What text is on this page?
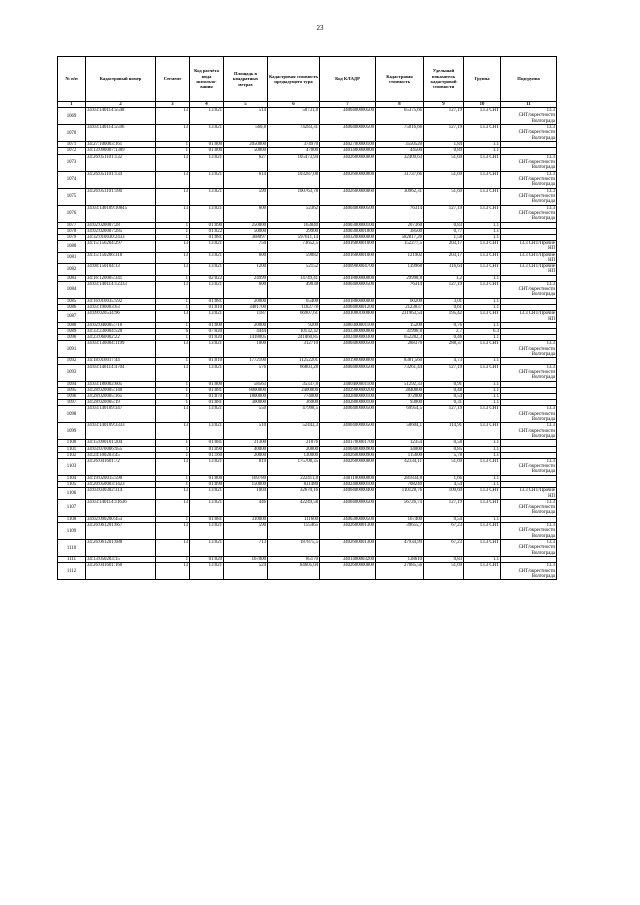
23
№ п/п	Кадастровый номер	Сегмент	Код расчёта вида использо-вания	Площадь в квадратных метрах	Кадастровая стоимость предыдущего тура	Код КЛАДР	Кадастровая стоимость	Удельный показатель кадастровой стоимости	Группа	Подгруппа
1	2	3	4	5	6	7	8	9	10	11
1069	34:03:140114:5548	13	13:021	514	50731,8	3400400000500	65375,66	127,19	13.3 СНТ	13.3
СНТ/окрестности
Волгограда

1070	34:03:140114:5596	13	13:021	560,8	74283,31	3400400000500	75016,66	127,19	13.3 СНТ	13.3
СНТ/окрестности
Волгограда

1071	34:27:100003:161	1	01:000	2050000	374970	3402700000100	3550520	1,84	1.1	
1072	34:13:090007:1389	1	01:000	50000	47000	3401400000000	44500	0,89	1.1	
1073	34:26:051101:132	13	13:021	627	105473,94	3402600000800	32409,63	51,69	13.3 СНТ	13.3
СНТ/окрестности
Волгограда

1074	34:26:051101:134	13	13:021	614	103287,08	3402600000800	31737,66	51,69	13.3 СНТ	13.3
СНТ/окрестности
Волгограда

1075	34:26:051101:180	13	13:021	599	100763,78	3402600000800	30962,31	51,69	13.3 СНТ	13.3
СНТ/окрестности
Волгограда

1076	34:03:140109:10845	13	13:021	600	52362	3400400000500	76314	127,19	13.3 СНТ	13.3
СНТ/окрестности
Волгограда

1077	34:02:020007:28	1	01:090	250000	163840	3400300000100	207360	0,83	1.1	
1078	34:02:020007:285	1	01:022	50000	29900	3400300001800	38500	0,77	1.1	
1079	34:32:010030:2433	1	01:081	368097	597611,14	3403200000000	582817,26	1,58	1.1	
1080	34:15:150204:297	13	13:021	750	73652,5	3401600001000	152277,5	203,17	13.3 СНТ	13.3 СНТ/Прочие
НП

1081	34:15:150206:318	13	13:021	600	59082	3401600001000	121902	203,17	13.3 СНТ	13.3 СНТ/Прочие
НП

1082	34:08:150104:13	13	13:021	1200	52152	3400900004700	139968	116,64	13.3 СНТ	13.3 СНТ/Прочие
НП

1083	34:16:120005:341	1	02:022	24999	14749,41	3401800000000	29998,8	1,2	1.1	
1084	34:03:140114:12333	13	13:021	600	49038	3400400000500	76314	127,19	13.3 СНТ	13.3
СНТ/окрестности
Волгограда

1085	34:16:010035:592	1	01:081	20000	65400	3401800000000	60200	3,01	1.1	
1086	34:03:190003:63	1	01:010	3481700	1183778	3400400001200	2123837	0,61	1.1	
1087	34:09:020534:96	13	13:021	1187	66907,61	3401000100000	231963,54	195,42	13.3 СНТ	13.3 СНТ/Прочие
НП

1088	34:02:040005:718	1	01:000	20000	9200	3400300001100	15200	0,76	1.1	
1089	34:33:230004:520	6	07:020	4444	10132,32	3403300000000	31998,8	2,7	6.3	
1090	34:23:060002:22	1	01:020	1418005	241060,85	3402400000300	652282,3	0,46	1.1	
1091	34:03:130004:1199	13	13:021	1000	312710	3400400000500	288370	288,37	13.3 СНТ	13.3
СНТ/окрестности
Волгограда

1092	34:18:010017:44	1	01:010	1772100	11252201	3401900000000	8381,560	4,73	1.1	
1093	34:03:140114:4704	13	13:021	576	66803,28	3400400000500	73261,44	127,19	13.3 СНТ	13.3
СНТ/окрестности
Волгограда

1094	34:03:180002:605	1	01:000	58563	35337,8	3400400001100	51292,33	0,91	1.1	
1095	34:28:020005:140	1	01:081	8000000	2400000	3402900000200	3840000	0,48	1.1	
1096	34:28:020005:165	1	01:070	1800000	774000	3402800000100	972000	0,54	1.1	
1097	34:28:020005:19	1	01:081	300000	36900	3402800000100	93000	0,31	1.1	
1098	34:03:140109:347	13	13:021	550	47998,5	3400400000500	69954,5	127,19	13.3 СНТ	13.3
СНТ/окрестности
Волгограда

1099	34:03:140109:3333	13	13:021	510	52443,3	3400400000500	58604,1	114,91	13.3 СНТ	13.3
СНТ/окрестности
Волгограда

1100	34:15:090101:204	1	01:081	21300	21076	3401700001700	12354	0,58	1.1	
1101	34:03:070006:955	1	01:090	40000	20800	3400400000900	34000	0,85	1.1	
1102	34:24:100203:45	1	01:160	20000	130000	3402600000900	115600	5,78	1.1	
1103	34:26:041601:72	13	13:021	819	175708,35	3402600000800	42334,11	51,69	13.3 СНТ	13.3
СНТ/окрестности
Волгограда

1104	34:19:020015:590	1	01:000	169780	222411,8	3401100000000	281834,8	1,66	1.1	
1105	34:20:050003:1423	1	01:090	150000	831480	3402400000100	708240	4,54	1.1	
1106	34:03:030302:314	13	13:021	1004	32670,16	3400400000400	110128,76	109,69	13.3 СНТ	13.3 СНТ/Прочие
НП

1107	34:03:140114:11636	13	13:021	446	42249,58	3400400000500	56726,74	127,19	13.3 СНТ	13.3
СНТ/окрестности
Волгограда

1108	34:02:090200:453	1	01:081	310000	111600	3400300000500	167400	0,54	1.1	
1109	34:26:061201:667	13	13:021	590	155465	3402600001300	39655,7	67,23	13.3 СНТ	13.3
СНТ/окрестности
Волгограда

1110	34:26:061201:688	13	13:021	713	187875,5	3402600001300	47934,99	67,23	13.3 СНТ	13.3
СНТ/окрестности
Волгограда

1111	34:13:050203:15	1	01:020	167000	85170	3401400003200	138610	0,83	1.1	
1112	34:26:041601:160	13	13:021	524	84605,04	3402600000800	27085,56	51,69	13.3 СНТ	13.3
СНТ/окрестности
Волгограда
